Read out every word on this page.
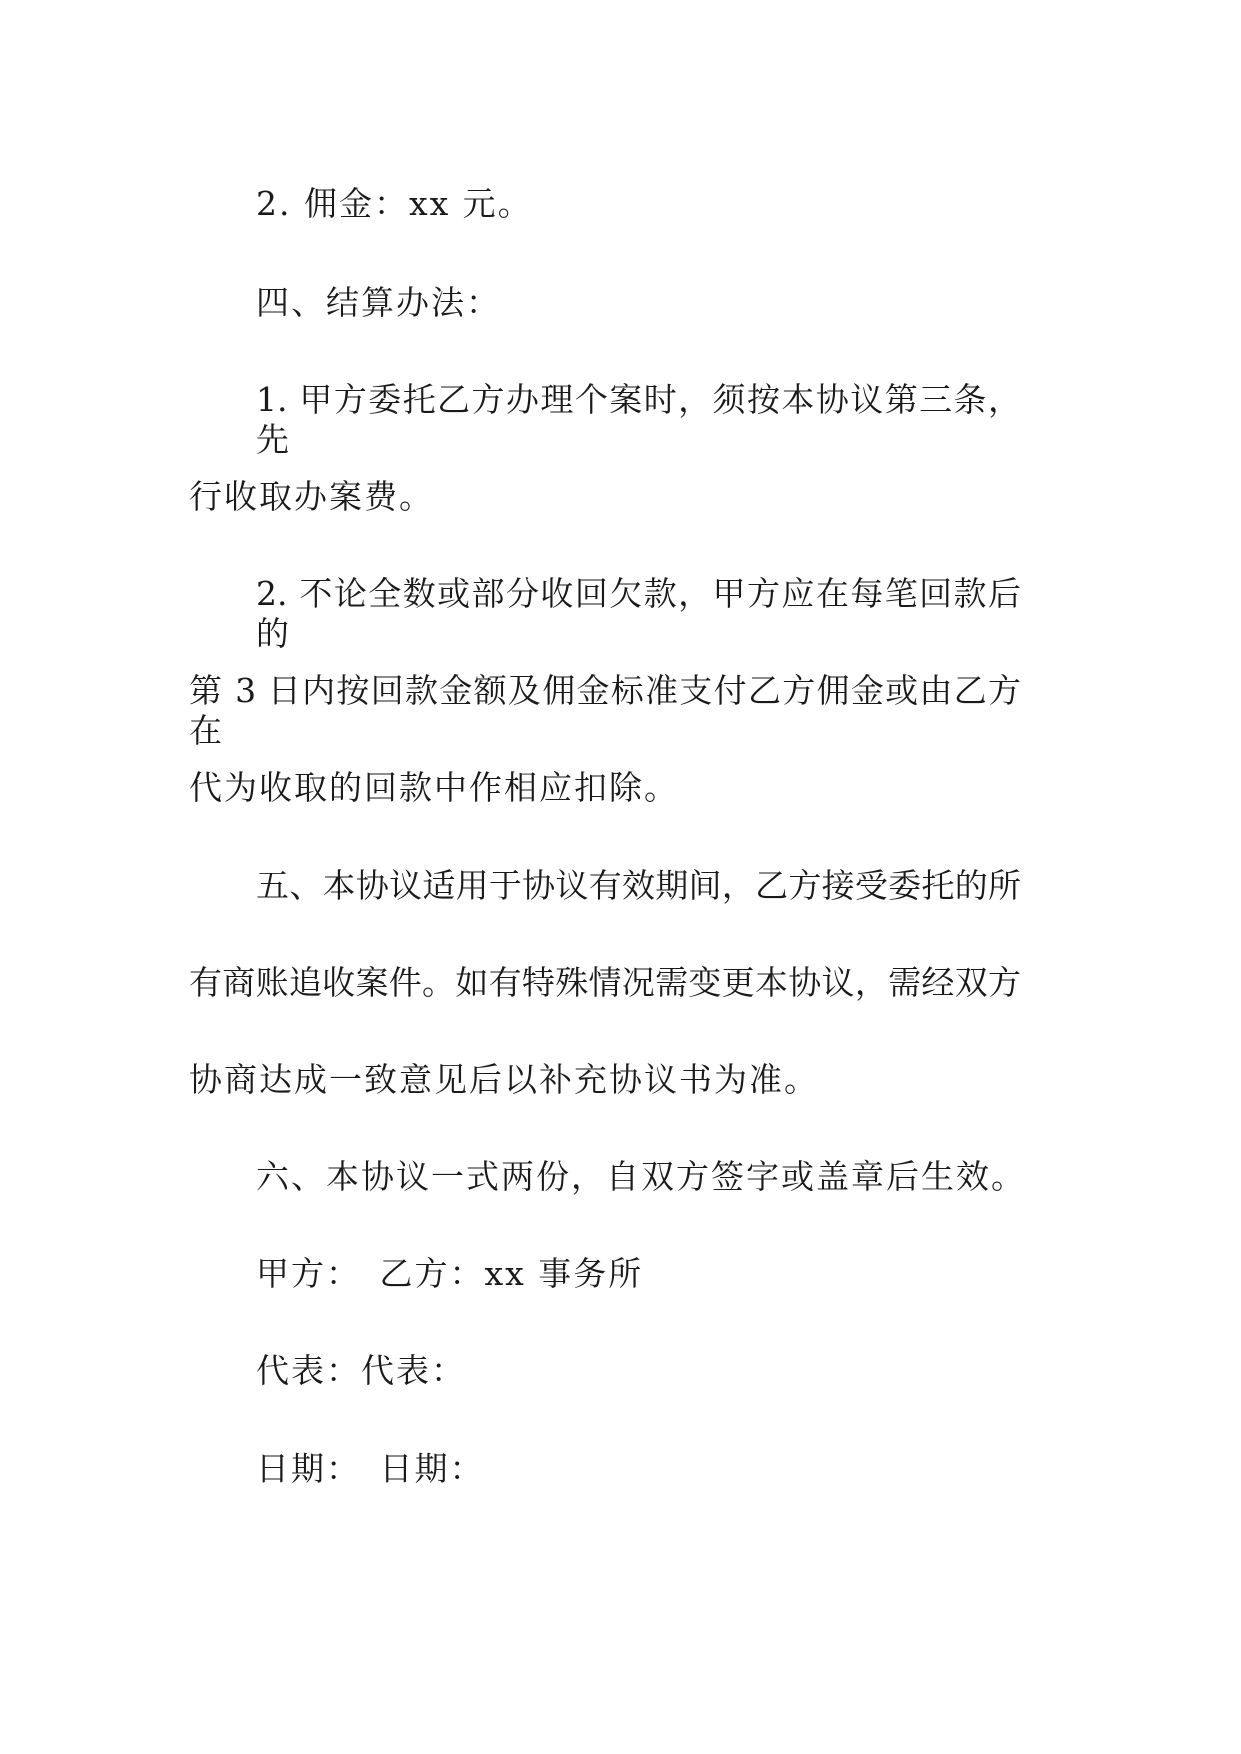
2. 佣金：xx 元。
四、结算办法：
1. 甲方委托乙方办理个案时，须按本协议第三条，先
行收取办案费。
2. 不论全数或部分收回欠款，甲方应在每笔回款后的
第 3 日内按回款金额及佣金标准支付乙方佣金或由乙方在
代为收取的回款中作相应扣除。
五、本协议适用于协议有效期间，乙方接受委托的所
有商账追收案件。如有特殊情况需变更本协议，需经双方
协商达成一致意见后以补充协议书为准。
六、本协议一式两份，自双方签字或盖章后生效。
甲方：　乙方：xx 事务所
代表：代表：
日期：　日期：
